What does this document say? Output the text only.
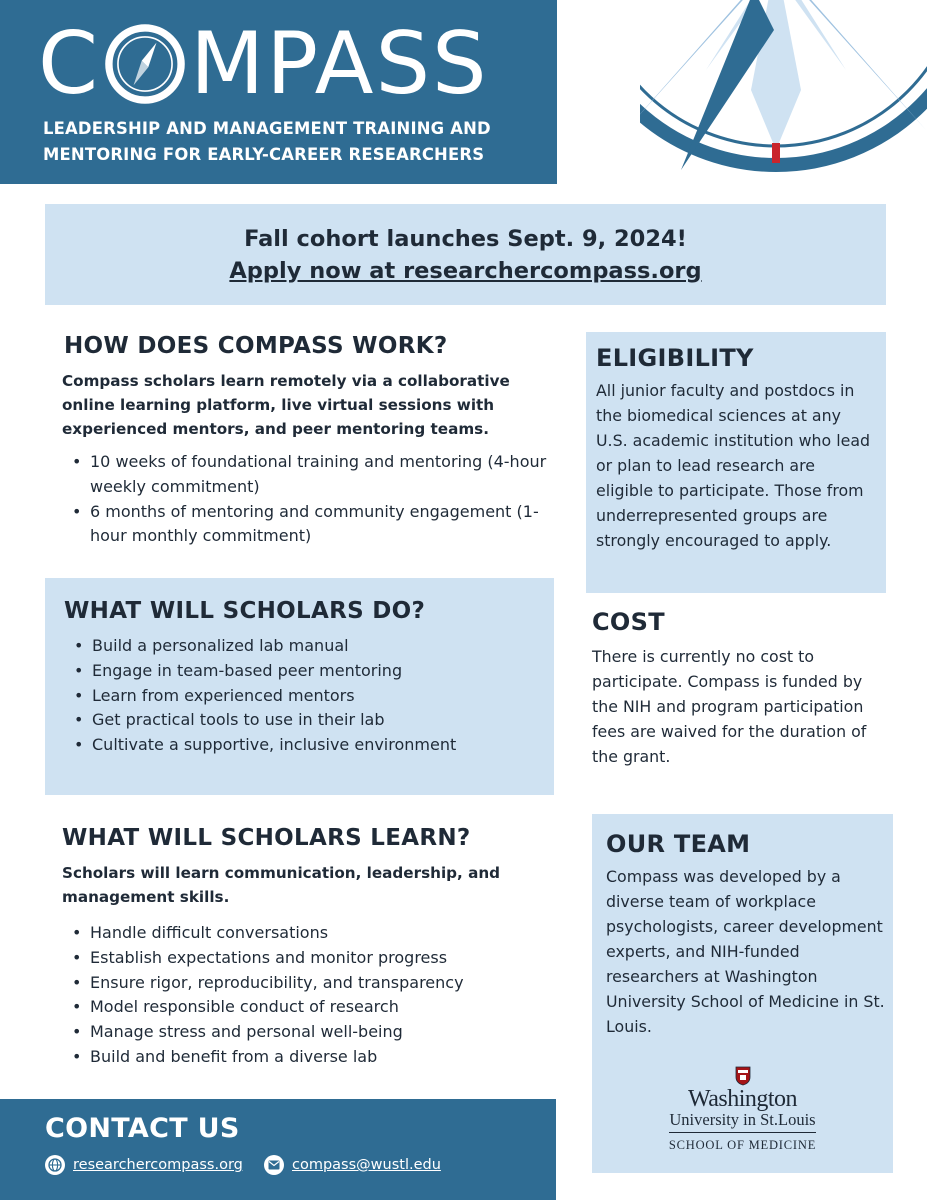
C MPASS
LEADERSHIP AND MANAGEMENT TRAINING AND
MENTORING FOR EARLY-CAREER RESEARCHERS
Fall cohort launches Sept. 9, 2024!
Apply now at researchercompass.org
HOW DOES COMPASS WORK?
Compass scholars learn remotely via a collaborative online learning platform, live virtual sessions with experienced mentors, and peer mentoring teams.
• 10 weeks of foundational training and mentoring (4-hour weekly commitment)
• 6 months of mentoring and community engagement (1-hour monthly commitment)
WHAT WILL SCHOLARS DO?
• Build a personalized lab manual
• Engage in team-based peer mentoring
• Learn from experienced mentors
• Get practical tools to use in their lab
• Cultivate a supportive, inclusive environment
WHAT WILL SCHOLARS LEARN?
Scholars will learn communication, leadership, and management skills.
• Handle difficult conversations
• Establish expectations and monitor progress
• Ensure rigor, reproducibility, and transparency
• Model responsible conduct of research
• Manage stress and personal well-being
• Build and benefit from a diverse lab
CONTACT US
researchercompass.org	compass@wustl.edu
ELIGIBILITY
All junior faculty and postdocs in the biomedical sciences at any U.S. academic institution who lead or plan to lead research are eligible to participate. Those from underrepresented groups are strongly encouraged to apply.
COST
There is currently no cost to participate. Compass is funded by the NIH and program participation fees are waived for the duration of the grant.
OUR TEAM
Compass was developed by a diverse team of workplace psychologists, career development experts, and NIH-funded researchers at Washington University School of Medicine in St. Louis.
Washington
University in St.Louis
SCHOOL OF MEDICINE
